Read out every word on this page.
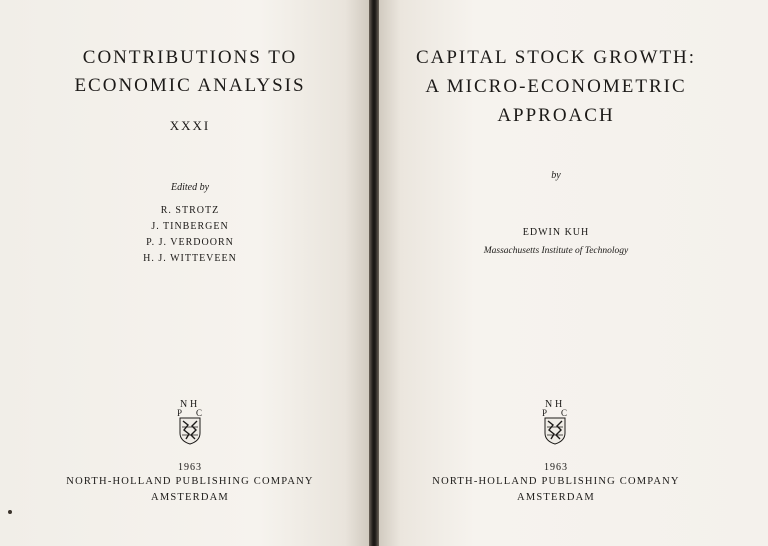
CONTRIBUTIONS TO
ECONOMIC ANALYSIS
XXXI
Edited by
R. STROTZ
J. TINBERGEN
P. J. VERDOORN
H. J. WITTEVEEN
N H
P C
1963
NORTH-HOLLAND PUBLISHING COMPANY
AMSTERDAM
CAPITAL STOCK GROWTH:
A MICRO-ECONOMETRIC
APPROACH
by
EDWIN KUH
Massachusetts Institute of Technology
N H
P C
1963
NORTH-HOLLAND PUBLISHING COMPANY
AMSTERDAM
